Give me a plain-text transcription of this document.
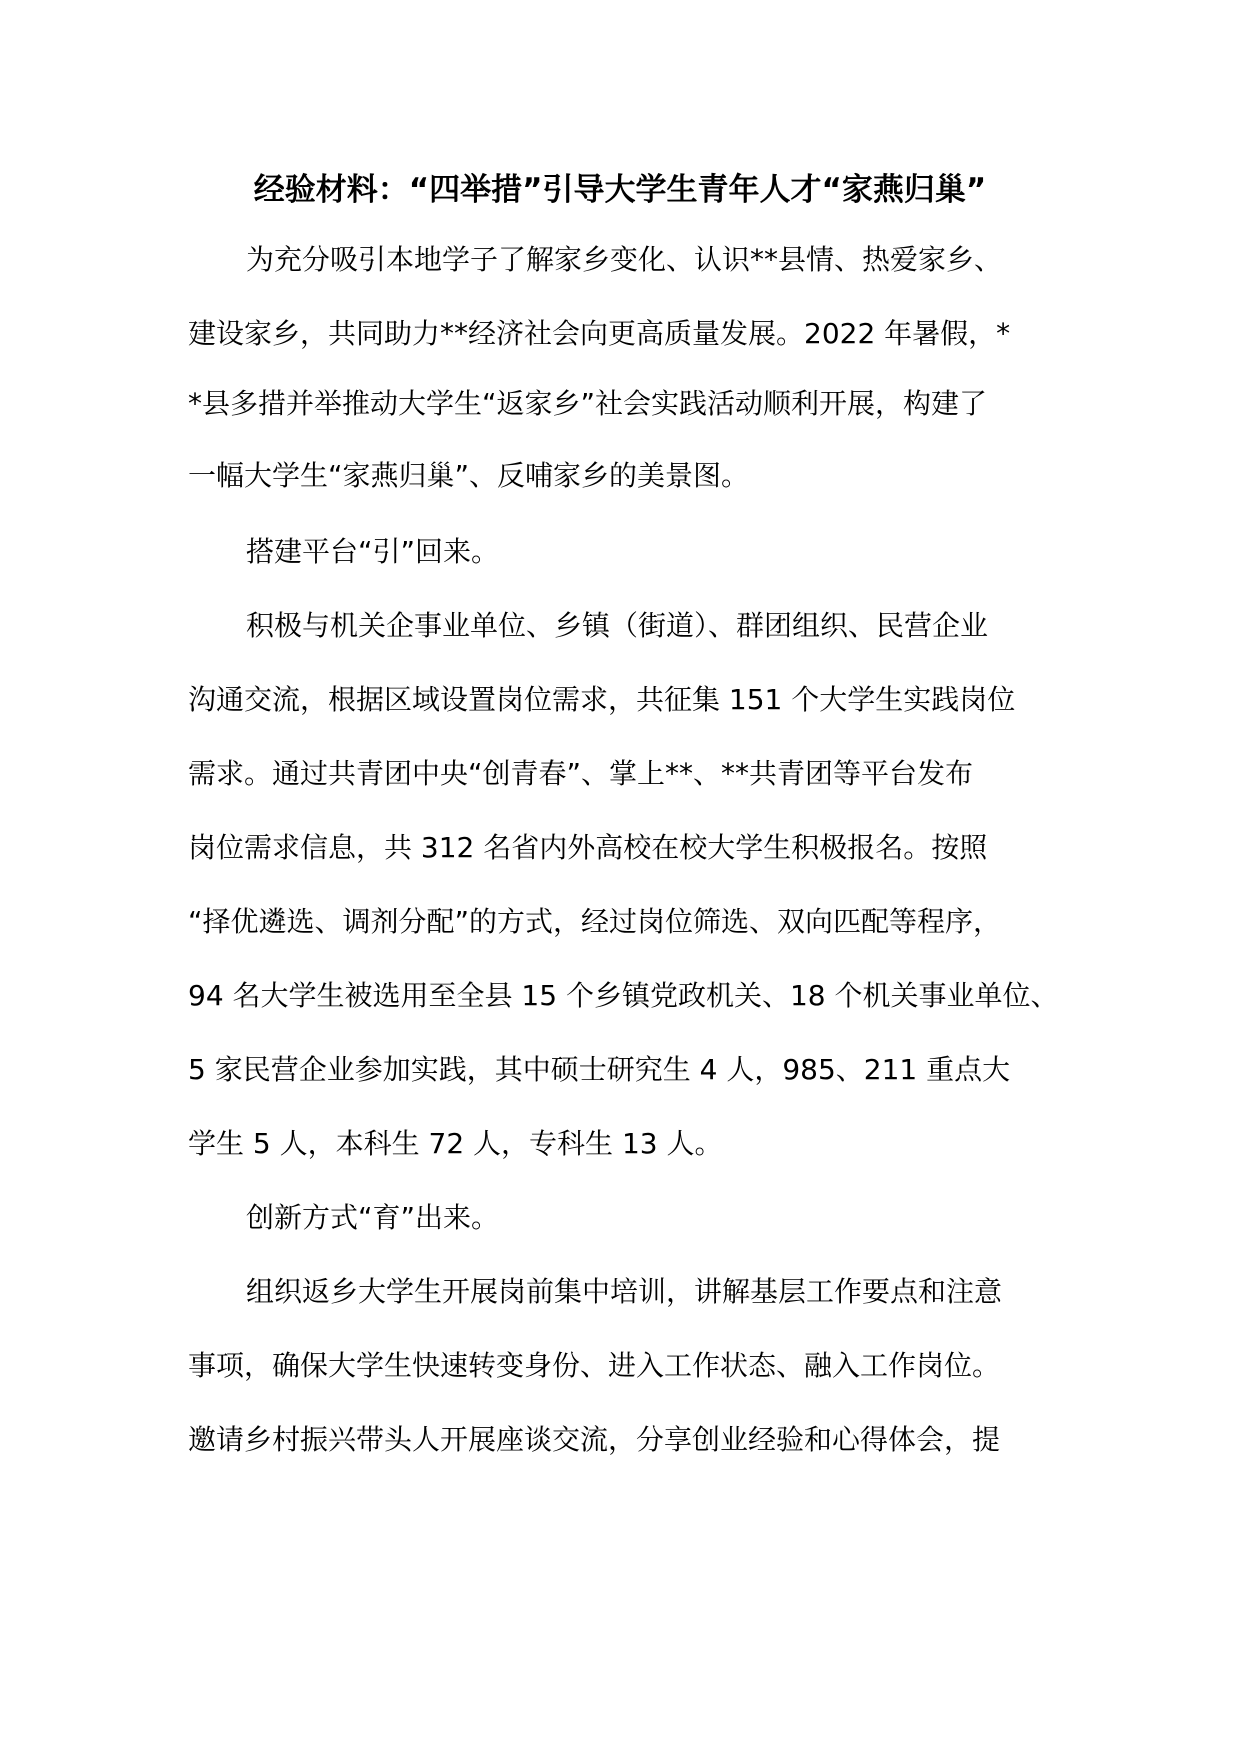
经验材料：“四举措”引导大学生青年人才“家燕归巢”

为充分吸引本地学子了解家乡变化、认识**县情、热爱家乡、

建设家乡，共同助力**经济社会向更高质量发展。2022 年暑假，*

*县多措并举推动大学生“返家乡”社会实践活动顺利开展，构建了

一幅大学生“家燕归巢”、反哺家乡的美景图。

搭建平台“引”回来。

积极与机关企事业单位、乡镇（街道）、群团组织、民营企业

沟通交流，根据区域设置岗位需求，共征集 151 个大学生实践岗位

需求。通过共青团中央“创青春”、掌上**、**共青团等平台发布

岗位需求信息，共 312 名省内外高校在校大学生积极报名。按照

“择优遴选、调剂分配”的方式，经过岗位筛选、双向匹配等程序，

94 名大学生被选用至全县 15 个乡镇党政机关、18 个机关事业单位、

5 家民营企业参加实践，其中硕士研究生 4 人，985、211 重点大

学生 5 人，本科生 72 人，专科生 13 人。

创新方式“育”出来。

组织返乡大学生开展岗前集中培训，讲解基层工作要点和注意

事项，确保大学生快速转变身份、进入工作状态、融入工作岗位。

邀请乡村振兴带头人开展座谈交流，分享创业经验和心得体会，提
